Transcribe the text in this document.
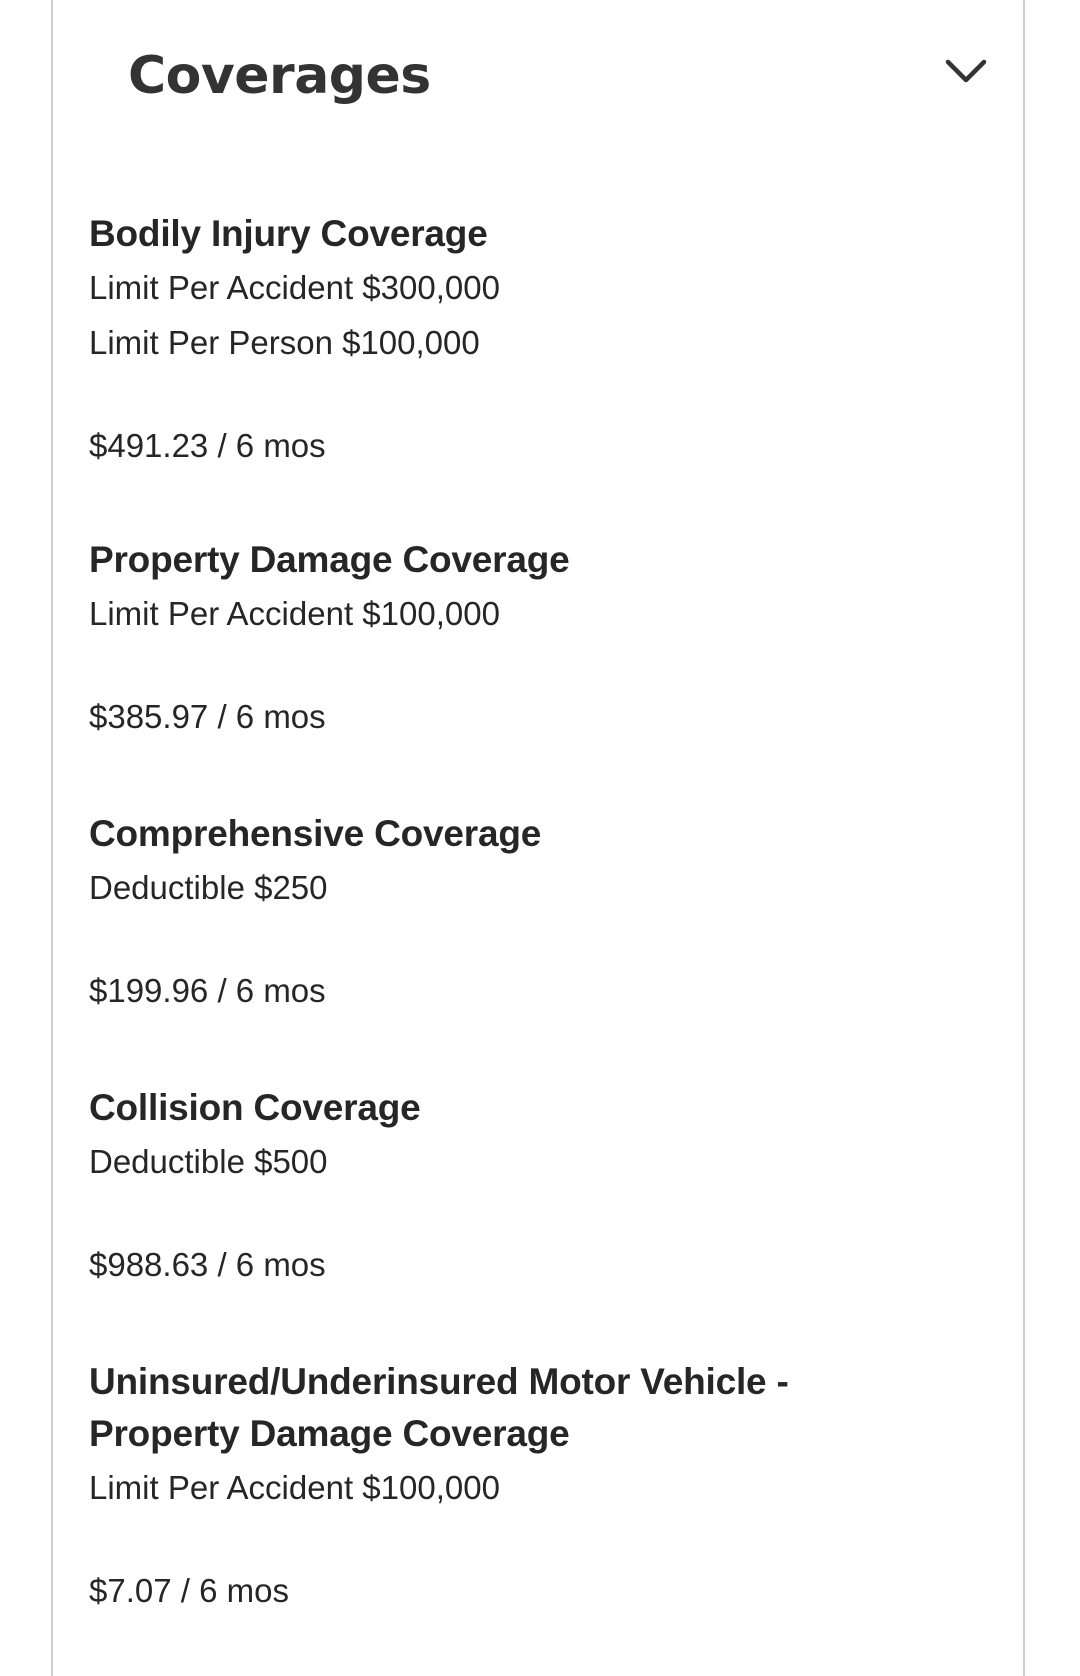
Coverages

Bodily Injury Coverage

Limit Per Accident $300,000

Limit Per Person $100,000

$491.23 / 6 mos

Property Damage Coverage

Limit Per Accident $100,000

$385.97 / 6 mos

Comprehensive Coverage

Deductible $250

$199.96 / 6 mos

Collision Coverage

Deductible $500

$988.63 / 6 mos

Uninsured/Underinsured Motor Vehicle -

Property Damage Coverage

Limit Per Accident $100,000

$7.07 / 6 mos
